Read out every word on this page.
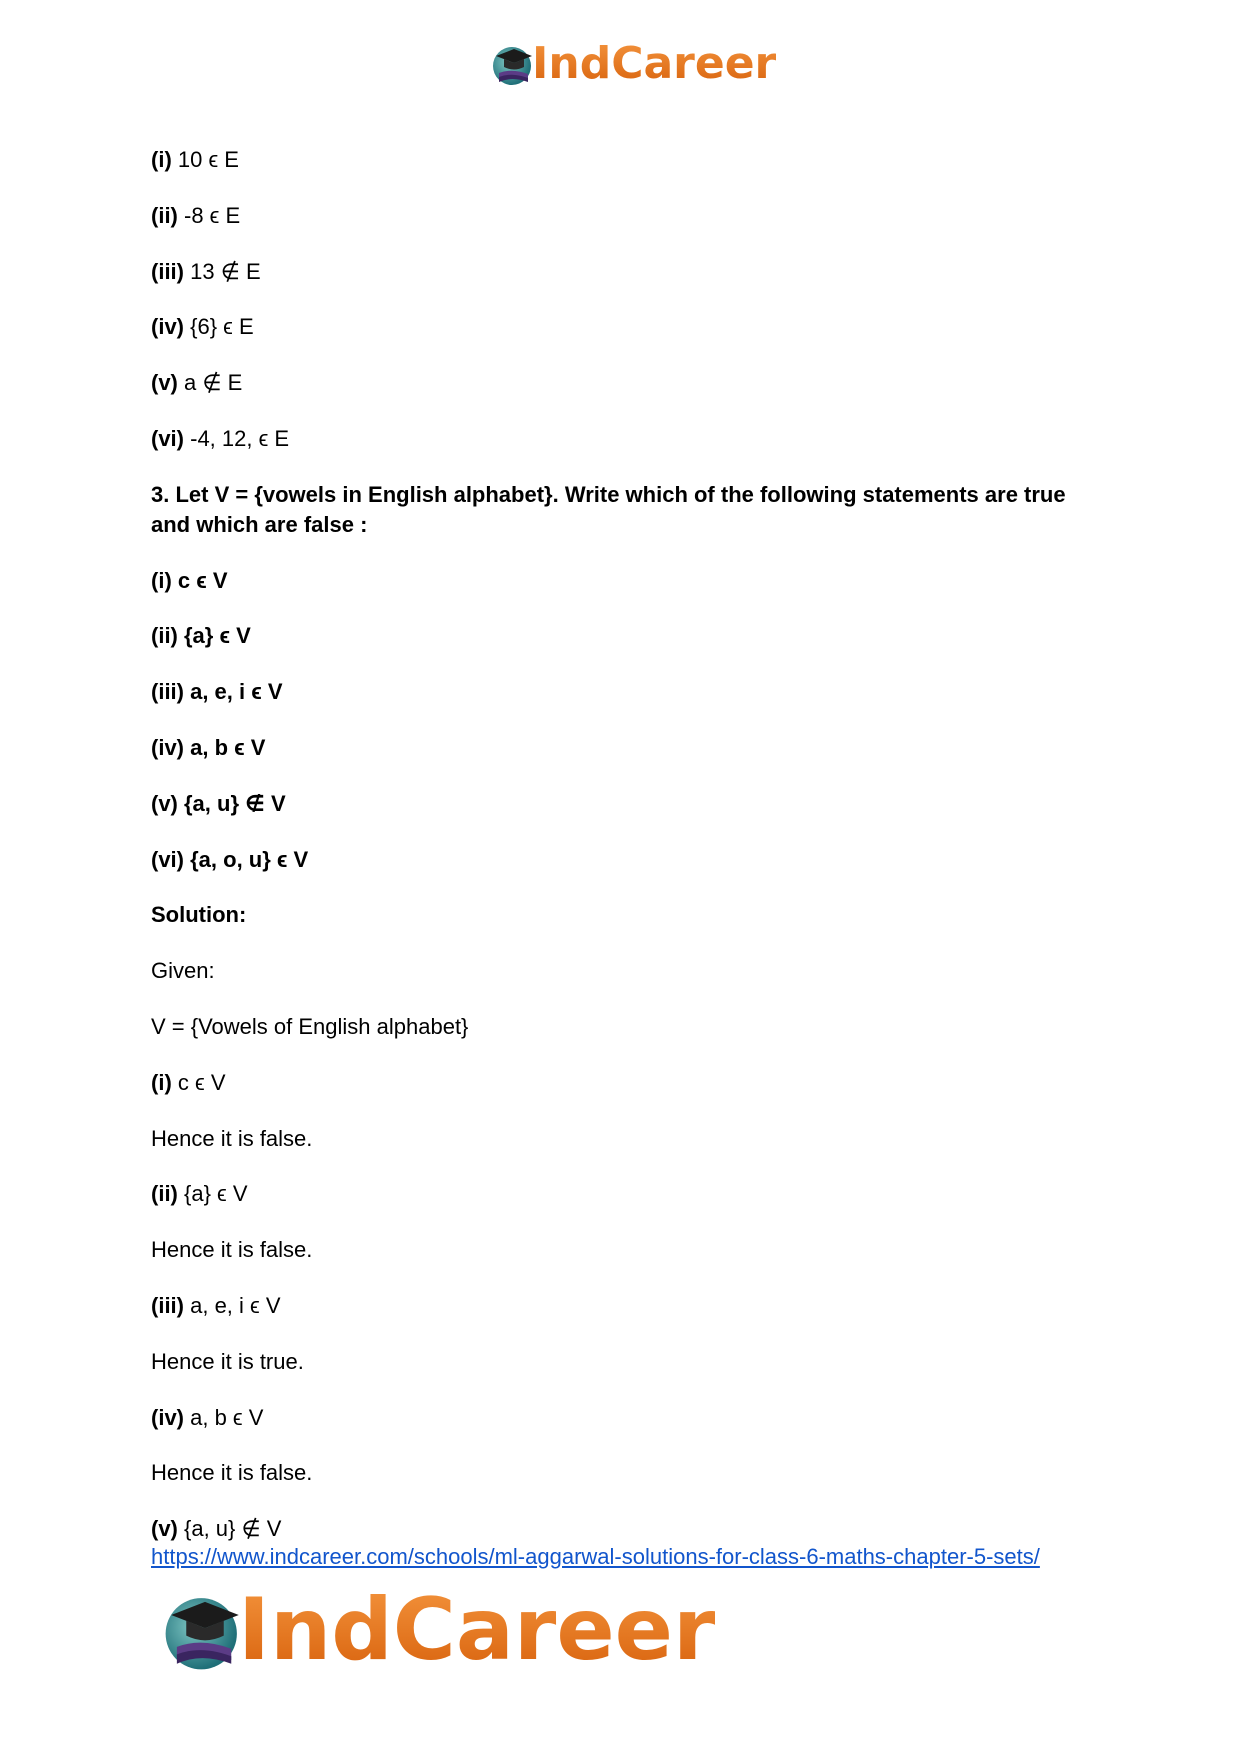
IndCareer
(i) 10 ϵ E
(ii) -8 ϵ E
(iii) 13 ∉ E
(iv) {6} ϵ E
(v) a ∉ E
(vi) -4, 12, ϵ E
3. Let V = {vowels in English alphabet}. Write which of the following statements are true and which are false :
(i) c ϵ V
(ii) {a} ϵ V
(iii) a, e, i ϵ V
(iv) a, b ϵ V
(v) {a, u} ∉ V
(vi) {a, o, u} ϵ V
Solution:
Given:
V = {Vowels of English alphabet}
(i) c ϵ V
Hence it is false.
(ii) {a} ϵ V
Hence it is false.
(iii) a, e, i ϵ V
Hence it is true.
(iv) a, b ϵ V
Hence it is false.
(v) {a, u} ∉ V
https://www.indcareer.com/schools/ml-aggarwal-solutions-for-class-6-maths-chapter-5-sets/
IndCareer
